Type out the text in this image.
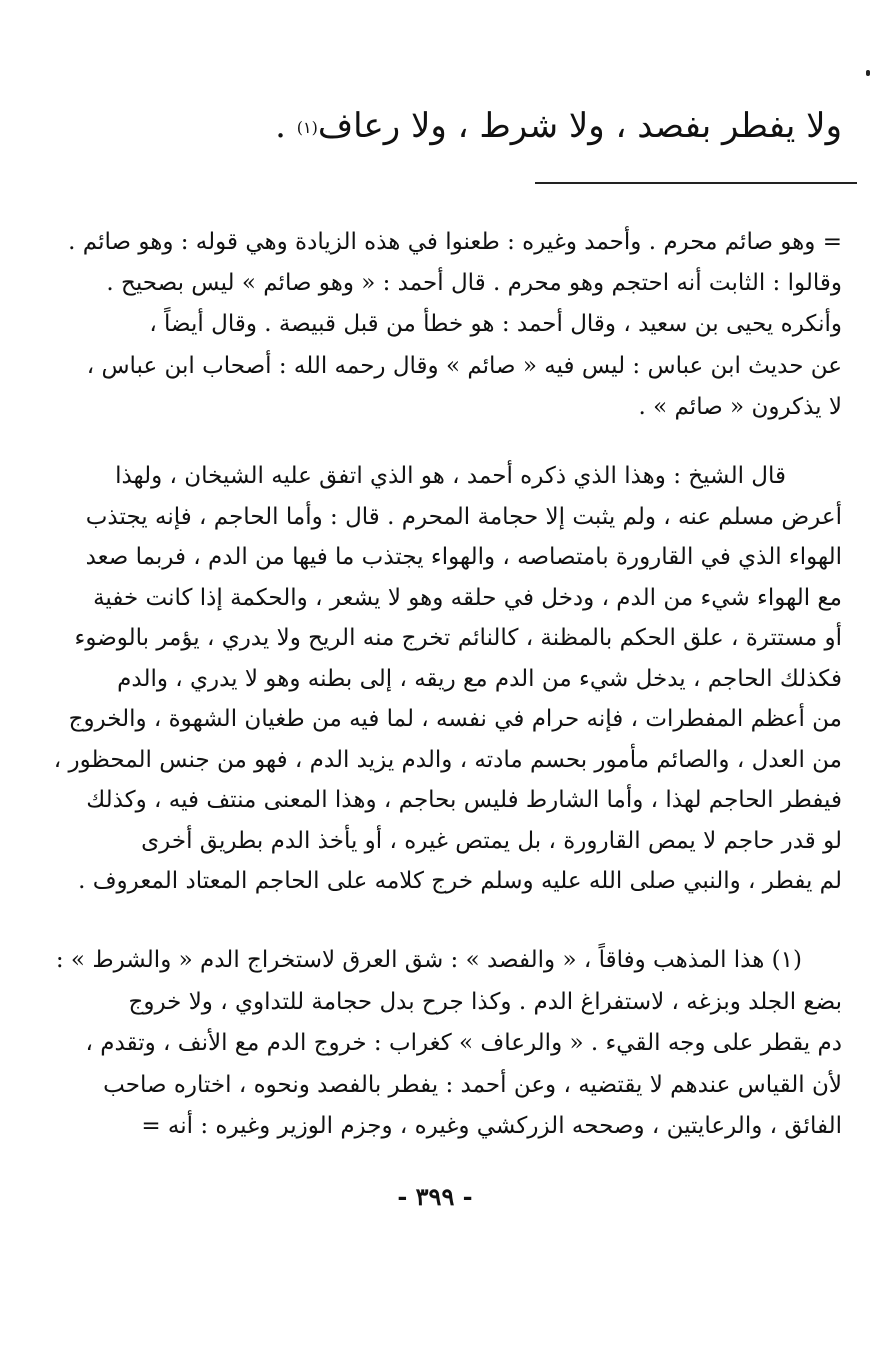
ولا يفطر بفصد ، ولا شرط ، ولا رعاف$^{(١)}$ .
= وهو صائم محرم . وأحمد وغيره : طعنوا في هذه الزيادة وهي قوله : وهو صائم .
وقالوا : الثابت أنه احتجم وهو محرم . قال أحمد : « وهو صائم » ليس بصحيح .
وأنكره يحيى بن سعيد ، وقال أحمد : هو خطأ من قبل قبيصة . وقال أيضاً ،
عن حديث ابن عباس : ليس فيه « صائم » وقال رحمه الله : أصحاب ابن عباس ،
لا يذكرون « صائم » .
قال الشيخ : وهذا الذي ذكره أحمد ، هو الذي اتفق عليه الشيخان ، ولهذا
أعرض مسلم عنه ، ولم يثبت إلا حجامة المحرم . قال : وأما الحاجم ، فإنه يجتذب
الهواء الذي في القارورة بامتصاصه ، والهواء يجتذب ما فيها من الدم ، فربما صعد
مع الهواء شيء من الدم ، ودخل في حلقه وهو لا يشعر ، والحكمة إذا كانت خفية
أو مستترة ، علق الحكم بالمظنة ، كالنائم تخرج منه الريح ولا يدري ، يؤمر بالوضوء
فكذلك الحاجم ، يدخل شيء من الدم مع ريقه ، إلى بطنه وهو لا يدري ، والدم
من أعظم المفطرات ، فإنه حرام في نفسه ، لما فيه من طغيان الشهوة ، والخروج
من العدل ، والصائم مأمور بحسم مادته ، والدم يزيد الدم ، فهو من جنس المحظور ،
فيفطر الحاجم لهذا ، وأما الشارط فليس بحاجم ، وهذا المعنى منتف فيه ، وكذلك
لو قدر حاجم لا يمص القارورة ، بل يمتص غيره ، أو يأخذ الدم بطريق أخرى
لم يفطر ، والنبي صلى الله عليه وسلم خرج كلامه على الحاجم المعتاد المعروف .
(١) هذا المذهب وفاقاً ، « والفصد » : شق العرق لاستخراج الدم « والشرط » :
بضع الجلد وبزغه ، لاستفراغ الدم . وكذا جرح بدل حجامة للتداوي ، ولا خروج
دم يقطر على وجه القيء . « والرعاف » كغراب : خروج الدم مع الأنف ، وتقدم ،
لأن القياس عندهم لا يقتضيه ، وعن أحمد : يفطر بالفصد ونحوه ، اختاره صاحب
الفائق ، والرعايتين ، وصححه الزركشي وغيره ، وجزم الوزير وغيره : أنه =
- ٣٩٩ -
